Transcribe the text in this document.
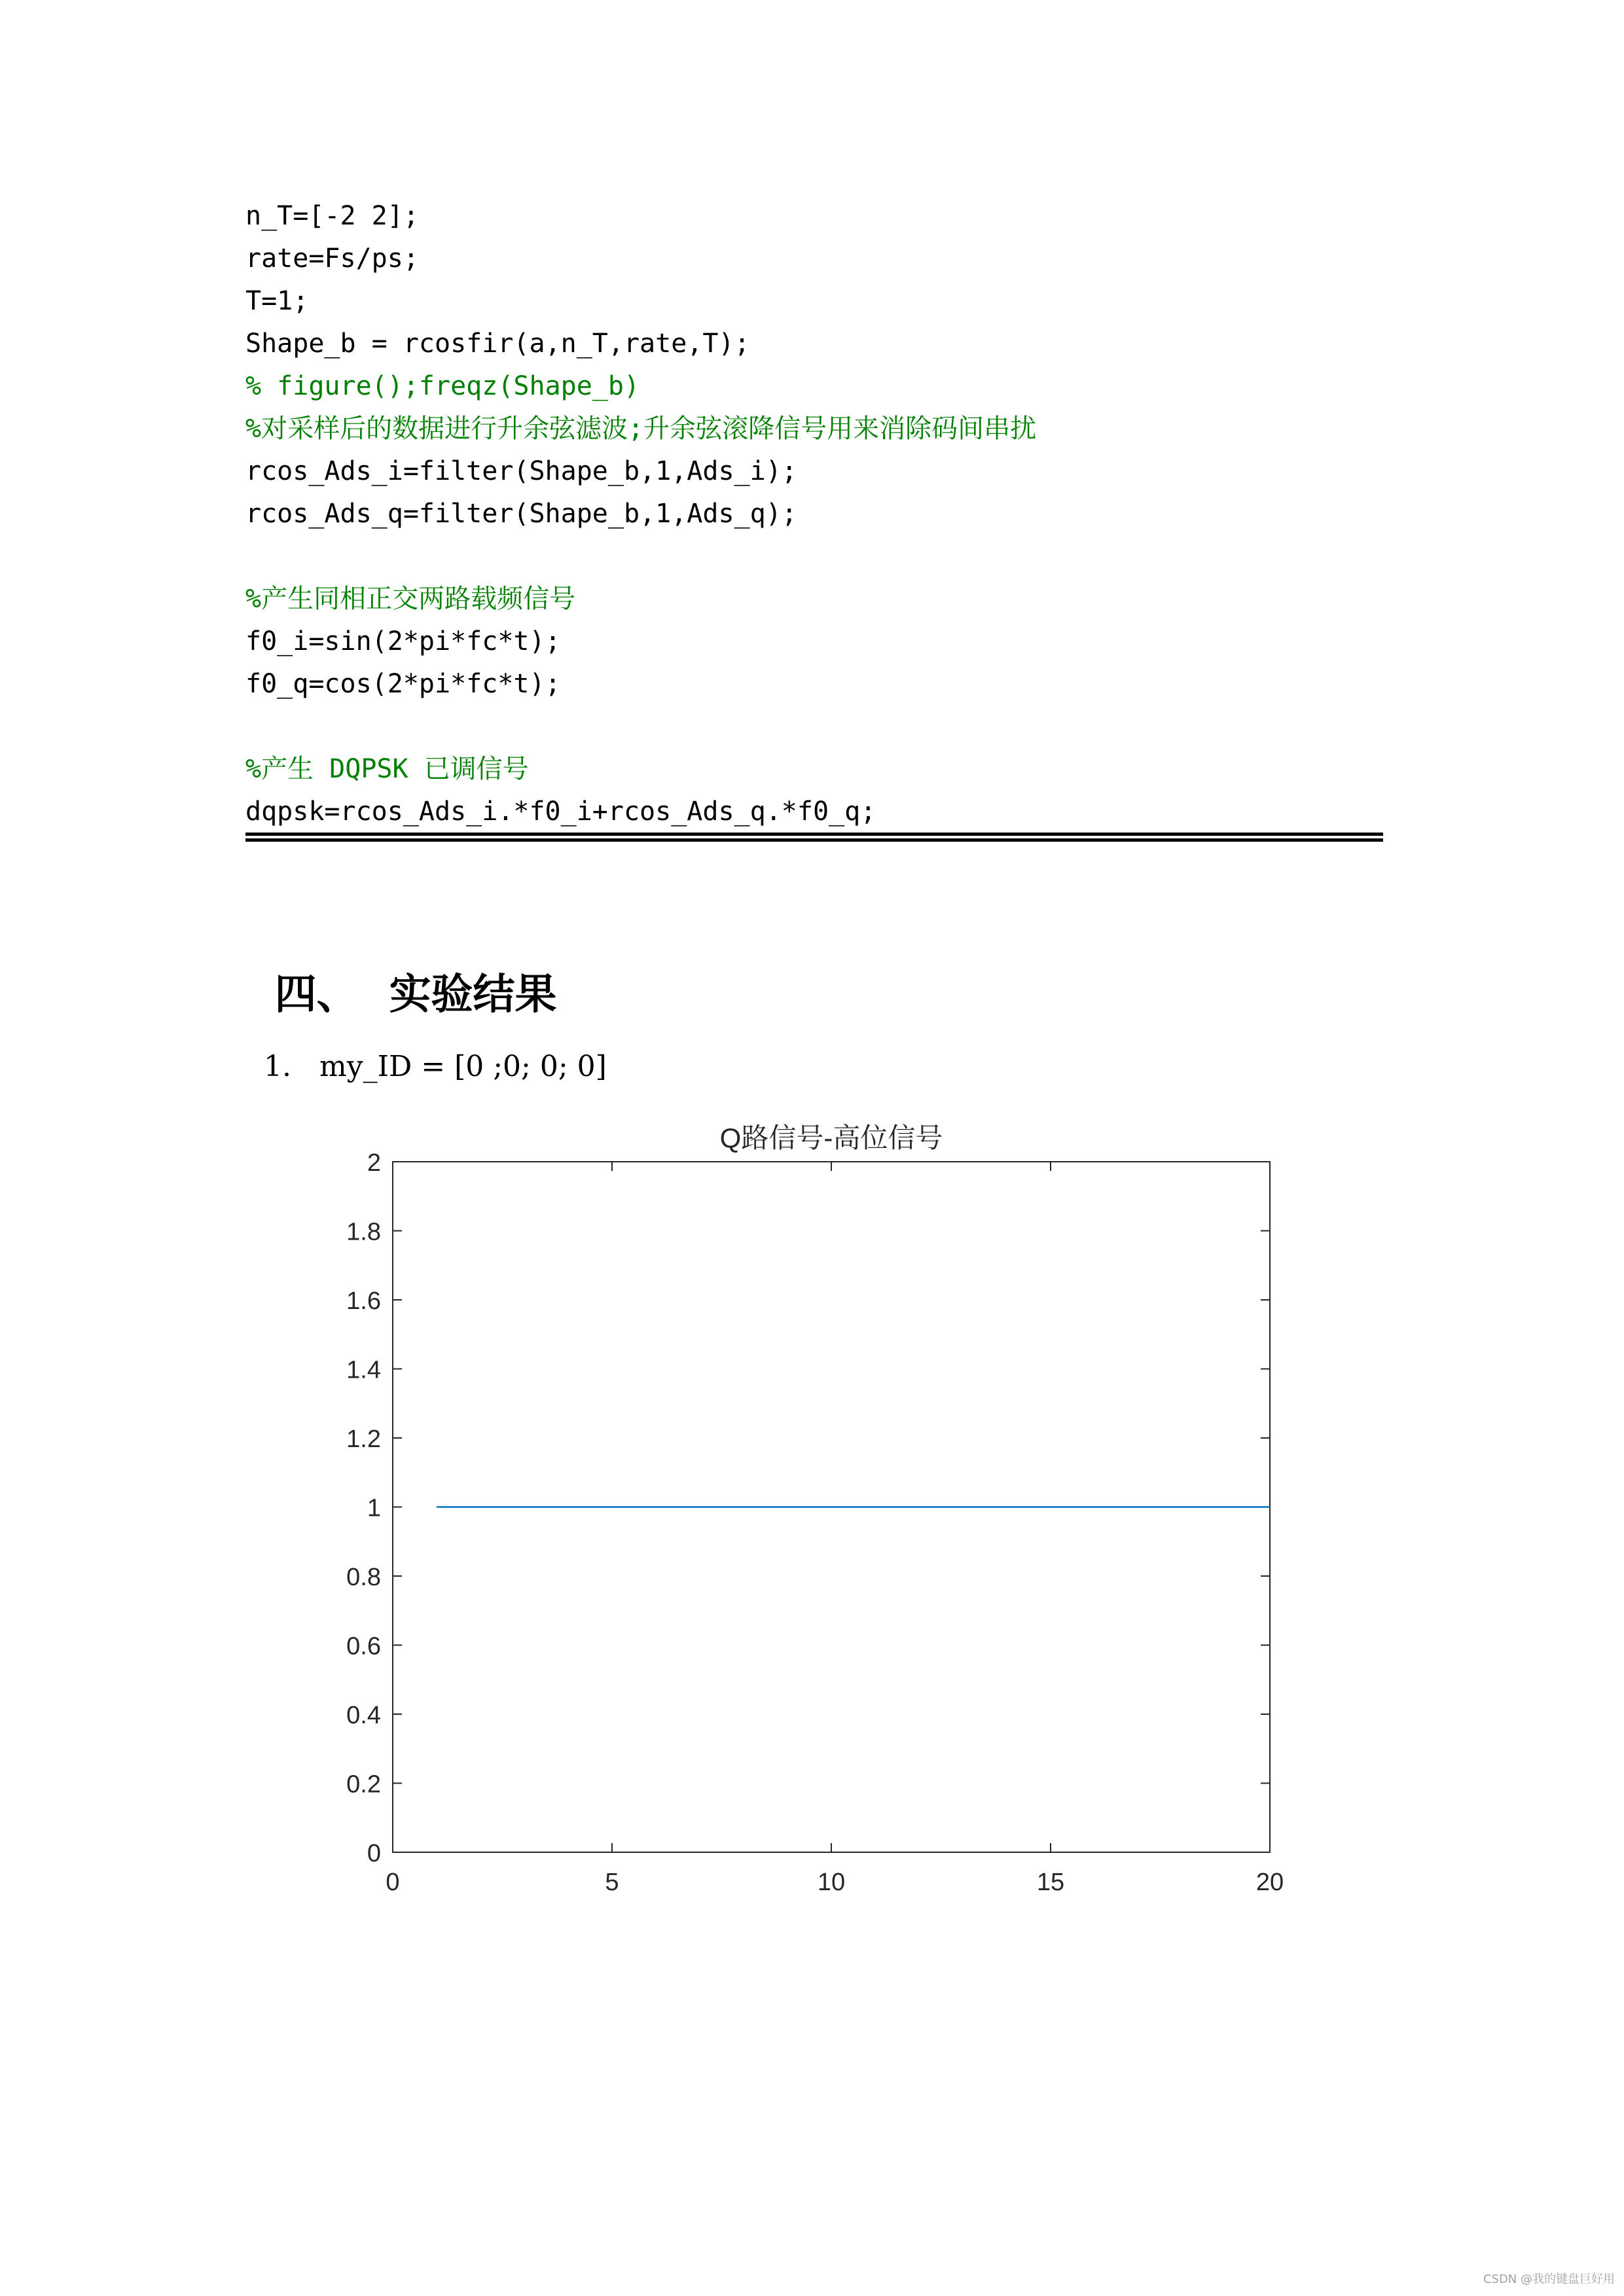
n_T=[-2 2];
rate=Fs/ps;
T=1;
Shape_b = rcosfir(a,n_T,rate,T);
% figure();freqz(Shape_b)
%对采样后的数据进行升余弦滤波;升余弦滚降信号用来消除码间串扰
rcos_Ads_i=filter(Shape_b,1,Ads_i);
rcos_Ads_q=filter(Shape_b,1,Ads_q);
%产生同相正交两路载频信号
f0_i=sin(2*pi*fc*t);
f0_q=cos(2*pi*fc*t);
%产生 DQPSK 已调信号
dqpsk=rcos_Ads_i.*f0_i+rcos_Ads_q.*f0_q;

四、 实验结果

1. my_ID = [0 ;0; 0; 0]

0
0.2
0.4
0.6
0.8
1
1.2
1.4
1.6
1.8
2
0	5	10	15	20
Q路信号-高位信号
CSDN @我的键盘巨好用
